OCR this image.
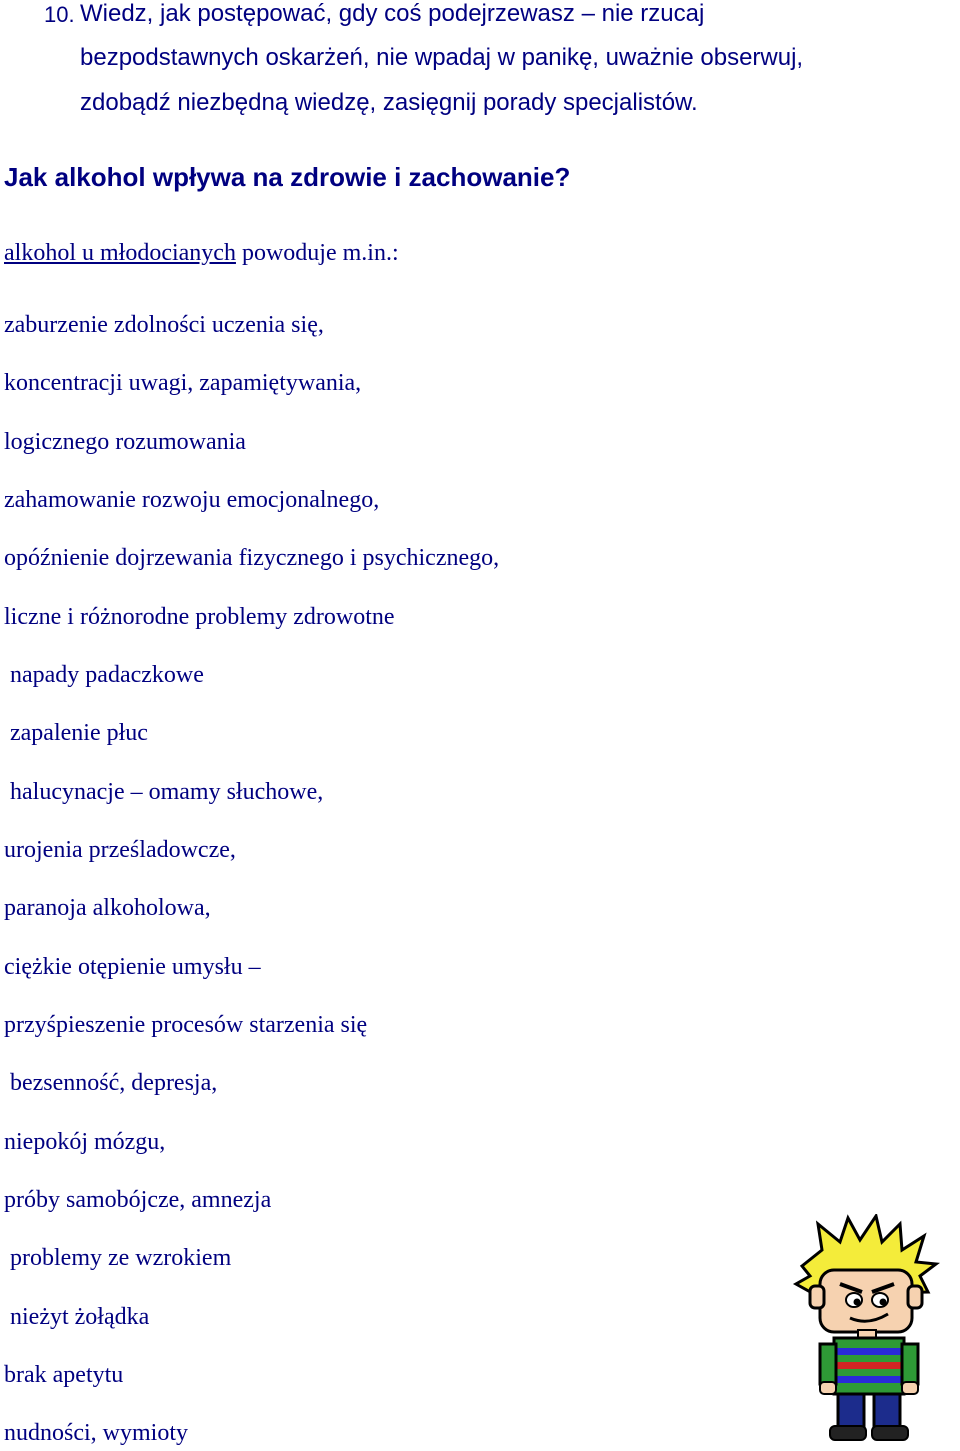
10. Wiedz, jak postępować, gdy coś podejrzewasz – nie rzucaj
bezpodstawnych oskarżeń, nie wpadaj w panikę, uważnie obserwuj,
zdobądź niezbędną wiedzę, zasięgnij porady specjalistów.
Jak alkohol wpływa na zdrowie i zachowanie?
alkohol u młodocianych powoduje m.in.:
zaburzenie zdolności uczenia się,
koncentracji uwagi, zapamiętywania,
logicznego rozumowania
zahamowanie rozwoju emocjonalnego,
opóźnienie dojrzewania fizycznego i psychicznego,
liczne i różnorodne problemy zdrowotne
napady padaczkowe
zapalenie płuc
halucynacje – omamy słuchowe,
urojenia prześladowcze,
paranoja alkoholowa,
ciężkie otępienie umysłu –
przyśpieszenie procesów starzenia się
bezsenność, depresja,
niepokój mózgu,
próby samobójcze, amnezja
problemy ze wzrokiem
nieżyt żołądka
brak apetytu
nudności, wymioty
